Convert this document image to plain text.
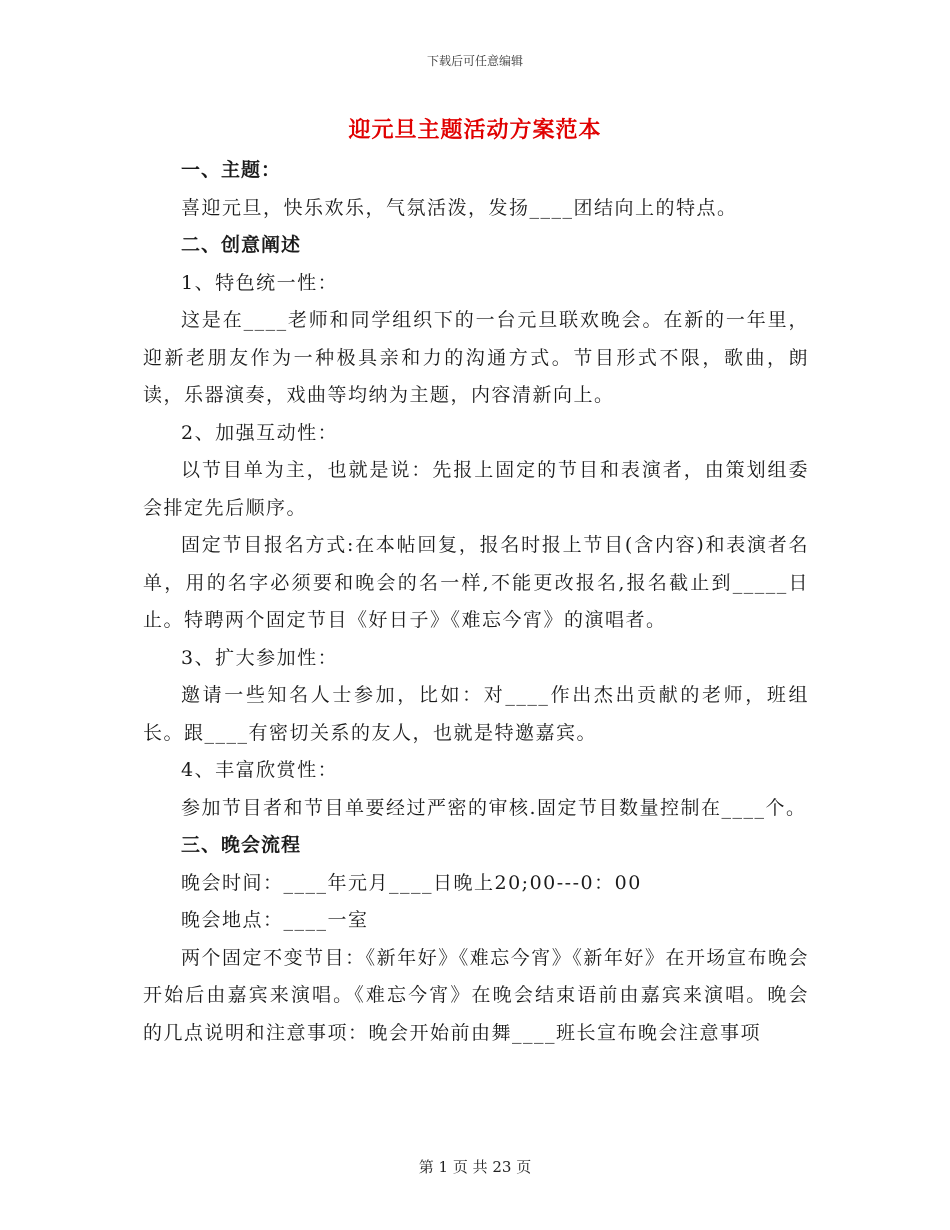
下载后可任意编辑
迎元旦主题活动方案范本

一、主题：

喜迎元旦，快乐欢乐，气氛活泼，发扬____团结向上的特点。

二、创意阐述

1、特色统一性：

这是在____老师和同学组织下的一台元旦联欢晚会。在新的一年里，迎新老朋友作为一种极具亲和力的沟通方式。节目形式不限，歌曲，朗读，乐器演奏，戏曲等均纳为主题，内容清新向上。

2、加强互动性：

以节目单为主，也就是说：先报上固定的节目和表演者，由策划组委会排定先后顺序。

固定节目报名方式:在本帖回复，报名时报上节目(含内容)和表演者名单，用的名字必须要和晚会的名一样,不能更改报名,报名截止到_____日止。特聘两个固定节目《好日子》《难忘今宵》的演唱者。

3、扩大参加性：

邀请一些知名人士参加，比如：对____作出杰出贡献的老师，班组长。跟____有密切关系的友人，也就是特邀嘉宾。

4、丰富欣赏性：

参加节目者和节目单要经过严密的审核.固定节目数量控制在____个。

三、晚会流程

晚会时间：____年元月____日晚上20;00---0：00

晚会地点：____一室

两个固定不变节目：《新年好》《难忘今宵》《新年好》在开场宣布晚会开始后由嘉宾来演唱。《难忘今宵》在晚会结束语前由嘉宾来演唱。晚会的几点说明和注意事项：晚会开始前由舞____班长宣布晚会注意事项

第 1 页 共 23 页
